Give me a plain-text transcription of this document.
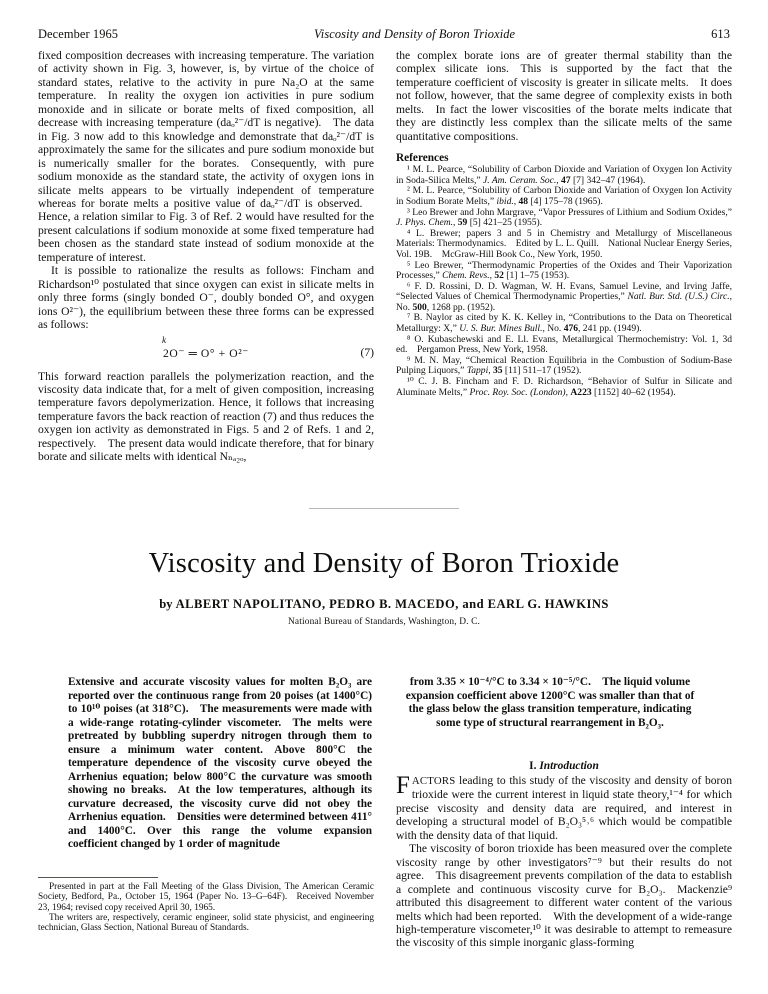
December 1965	Viscosity and Density of Boron Trioxide	613

fixed composition decreases with increasing temperature. The variation of activity shown in Fig. 3, however, is, by virtue of the choice of standard states, relative to the activity in pure Na₂O at the same temperature. In reality the oxygen ion activities in pure sodium monoxide and in silicate or borate melts of fixed composition, all decrease with increasing temperature (daₒ²⁻/dT is negative). The data in Fig. 3 now add to this knowledge and demonstrate that daₒ²⁻/dT is approximately the same for the silicates and pure sodium monoxide but is numerically smaller for the borates. Consequently, with pure sodium monoxide as the standard state, the activity of oxygen ions in silicate melts appears to be virtually independent of temperature whereas for borate melts a positive value of daₒ²⁻/dT is observed. Hence, a relation similar to Fig. 3 of Ref. 2 would have resulted for the present calculations if sodium monoxide at some fixed temperature had been chosen as the standard state instead of sodium monoxide at the temperature of interest.

It is possible to rationalize the results as follows: Fincham and Richardson¹⁰ postulated that since oxygen can exist in silicate melts in only three forms (singly bonded O⁻, doubly bonded O°, and oxygen ions O²⁻), the equilibrium between these three forms can be expressed as follows:

k
2O⁻ ═ O° + O²⁻	(7)

This forward reaction parallels the polymerization reaction, and the viscosity data indicate that, for a melt of given composition, increasing temperature favors depolymerization. Hence, it follows that increasing temperature favors the back reaction of reaction (7) and thus reduces the oxygen ion activity as demonstrated in Figs. 5 and 2 of Refs. 1 and 2, respectively. The present data would indicate therefore, that for binary borate and silicate melts with identical Nₙₐ₂ₒ,

the complex borate ions are of greater thermal stability than the complex silicate ions. This is supported by the fact that the temperature coefficient of viscosity is greater in silicate melts. It does not follow, however, that the same degree of complexity exists in both melts. In fact the lower viscosities of the borate melts indicate that they are distinctly less complex than the silicate melts of the same quantitative compositions.

References
¹ M. L. Pearce, “Solubility of Carbon Dioxide and Variation of Oxygen Ion Activity in Soda-Silica Melts,” J. Am. Ceram. Soc., 47 [7] 342–47 (1964).
² M. L. Pearce, “Solubility of Carbon Dioxide and Variation of Oxygen Ion Activity in Sodium Borate Melts,” ibid., 48 [4] 175–78 (1965).
³ Leo Brewer and John Margrave, “Vapor Pressures of Lithium and Sodium Oxides,” J. Phys. Chem., 59 [5] 421–25 (1955).
⁴ L. Brewer; papers 3 and 5 in Chemistry and Metallurgy of Miscellaneous Materials: Thermodynamics. Edited by L. L. Quill. National Nuclear Energy Series, Vol. 19B. McGraw-Hill Book Co., New York, 1950.
⁵ Leo Brewer, “Thermodynamic Properties of the Oxides and Their Vaporization Processes,” Chem. Revs., 52 [1] 1–75 (1953).
⁶ F. D. Rossini, D. D. Wagman, W. H. Evans, Samuel Levine, and Irving Jaffe, “Selected Values of Chemical Thermodynamic Properties,” Natl. Bur. Std. (U.S.) Circ., No. 500, 1268 pp. (1952).
⁷ B. Naylor as cited by K. K. Kelley in, “Contributions to the Data on Theoretical Metallurgy: X,” U. S. Bur. Mines Bull., No. 476, 241 pp. (1949).
⁸ O. Kubaschewski and E. Ll. Evans, Metallurgical Thermochemistry: Vol. 1, 3d ed. Pergamon Press, New York, 1958.
⁹ M. N. May, “Chemical Reaction Equilibria in the Combustion of Sodium-Base Pulping Liquors,” Tappi, 35 [11] 511–17 (1952).
¹⁰ C. J. B. Fincham and F. D. Richardson, “Behavior of Sulfur in Silicate and Aluminate Melts,” Proc. Roy. Soc. (London), A223 [1152] 40–62 (1954).
Viscosity and Density of Boron Trioxide
by ALBERT NAPOLITANO, PEDRO B. MACEDO, and EARL G. HAWKINS
National Bureau of Standards, Washington, D. C.

Extensive and accurate viscosity values for molten B₂O₃ are reported over the continuous range from 20 poises (at 1400°C) to 10¹⁰ poises (at 318°C). The measurements were made with a wide-range rotating-cylinder viscometer. The melts were pretreated by bubbling superdry nitrogen through them to ensure a minimum water content. Above 800°C the temperature dependence of the viscosity curve obeyed the Arrhenius equation; below 800°C the curvature was smooth showing no breaks. At the low temperatures, although its curvature decreased, the viscosity curve did not obey the Arrhenius equation. Densities were determined between 411° and 1400°C. Over this range the volume expansion coefficient changed by 1 order of magnitude

from 3.35 × 10⁻⁴/°C to 3.34 × 10⁻⁵/°C. The liquid volume expansion coefficient above 1200°C was smaller than that of the glass below the glass transition temperature, indicating some type of structural rearrangement in B₂O₃.

I. Introduction

FACTORS leading to this study of the viscosity and density of boron trioxide were the current interest in liquid state theory,¹⁻⁴ for which precise viscosity and density data are required, and interest in developing a structural model of B₂O₃⁵˒⁶ which would be compatible with the density data of that liquid.

The viscosity of boron trioxide has been measured over the complete viscosity range by other investigators⁷⁻⁹ but their results do not agree. This disagreement prevents compilation of the data to establish a complete and continuous viscosity curve for B₂O₃. Mackenzie⁹ attributed this disagreement to different water content of the various melts which had been reported. With the development of a wide-range high-temperature viscometer,¹⁰ it was desirable to attempt to remeasure the viscosity of this simple inorganic glass-forming

Presented in part at the Fall Meeting of the Glass Division, The American Ceramic Society, Bedford, Pa., October 15, 1964 (Paper No. 13–G–64F). Received November 23, 1964; revised copy received April 30, 1965.

The writers are, respectively, ceramic engineer, solid state physicist, and engineering technician, Glass Section, National Bureau of Standards.
